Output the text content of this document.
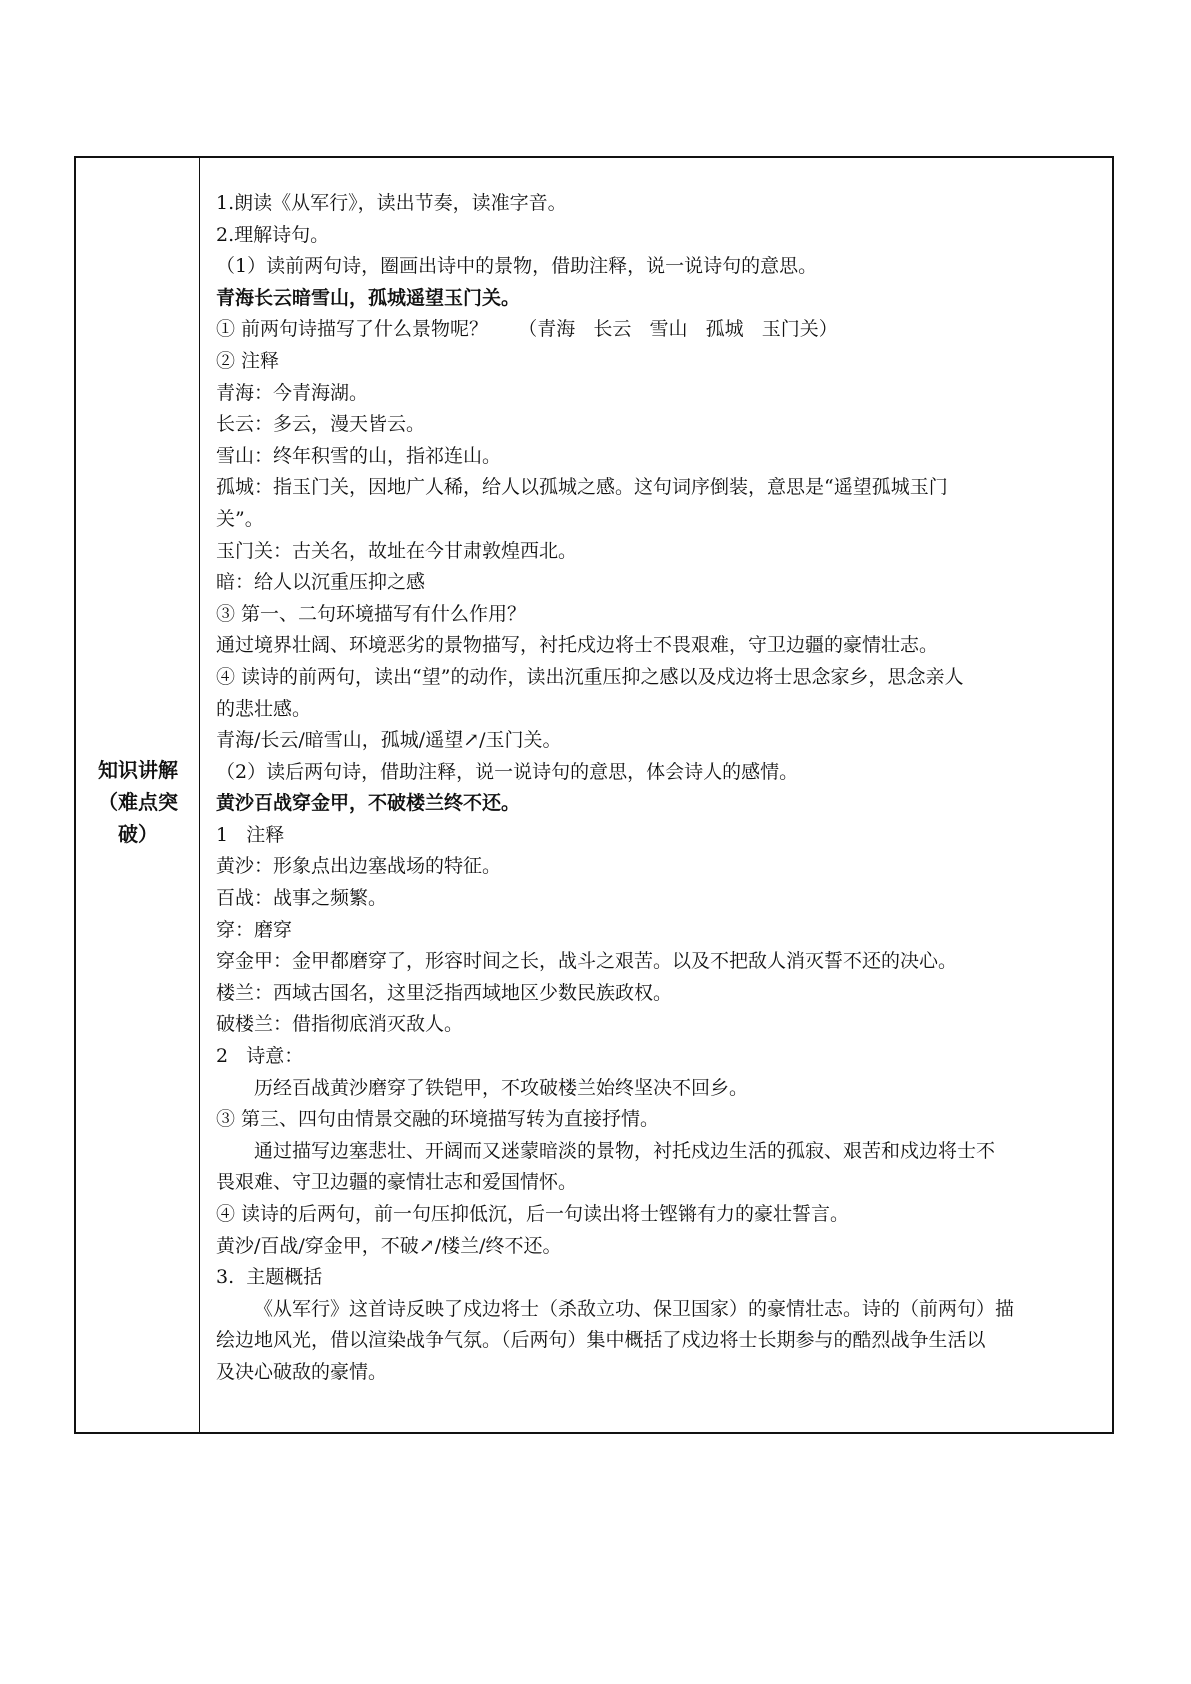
知识讲解
（难点突
破）
1.朗读《从军行》，读出节奏，读准字音。
2.理解诗句。
（1）读前两句诗，圈画出诗中的景物，借助注释，说一说诗句的意思。
青海长云暗雪山，孤城遥望玉门关。
① 前两句诗描写了什么景物呢？     （青海   长云   雪山   孤城   玉门关）
② 注释
青海：今青海湖。
长云：多云，漫天皆云。
雪山：终年积雪的山，指祁连山。
孤城：指玉门关，因地广人稀，给人以孤城之感。这句词序倒装，意思是“遥望孤城玉门
关”。
玉门关：古关名，故址在今甘肃敦煌西北。
暗：给人以沉重压抑之感
③ 第一、二句环境描写有什么作用？
通过境界壮阔、环境恶劣的景物描写，衬托戍边将士不畏艰难，守卫边疆的豪情壮志。
④ 读诗的前两句，读出“望”的动作，读出沉重压抑之感以及戍边将士思念家乡，思念亲人
的悲壮感。
青海/长云/暗雪山，孤城/遥望↗/玉门关。
（2）读后两句诗，借助注释，说一说诗句的意思，体会诗人的感情。
黄沙百战穿金甲，不破楼兰终不还。
1   注释
黄沙：形象点出边塞战场的特征。
百战：战事之频繁。
穿：磨穿
穿金甲：金甲都磨穿了，形容时间之长，战斗之艰苦。以及不把敌人消灭誓不还的决心。
楼兰：西域古国名，这里泛指西域地区少数民族政权。
破楼兰：借指彻底消灭敌人。
2   诗意：
历经百战黄沙磨穿了铁铠甲，不攻破楼兰始终坚决不回乡。
③ 第三、四句由情景交融的环境描写转为直接抒情。
通过描写边塞悲壮、开阔而又迷蒙暗淡的景物，衬托戍边生活的孤寂、艰苦和戍边将士不
畏艰难、守卫边疆的豪情壮志和爱国情怀。
④ 读诗的后两句，前一句压抑低沉，后一句读出将士铿锵有力的豪壮誓言。
黄沙/百战/穿金甲，不破↗/楼兰/终不还。
3.  主题概括
《从军行》这首诗反映了戍边将士（杀敌立功、保卫国家）的豪情壮志。诗的（前两句）描
绘边地风光，借以渲染战争气氛。（后两句）集中概括了戍边将士长期参与的酷烈战争生活以
及决心破敌的豪情。
